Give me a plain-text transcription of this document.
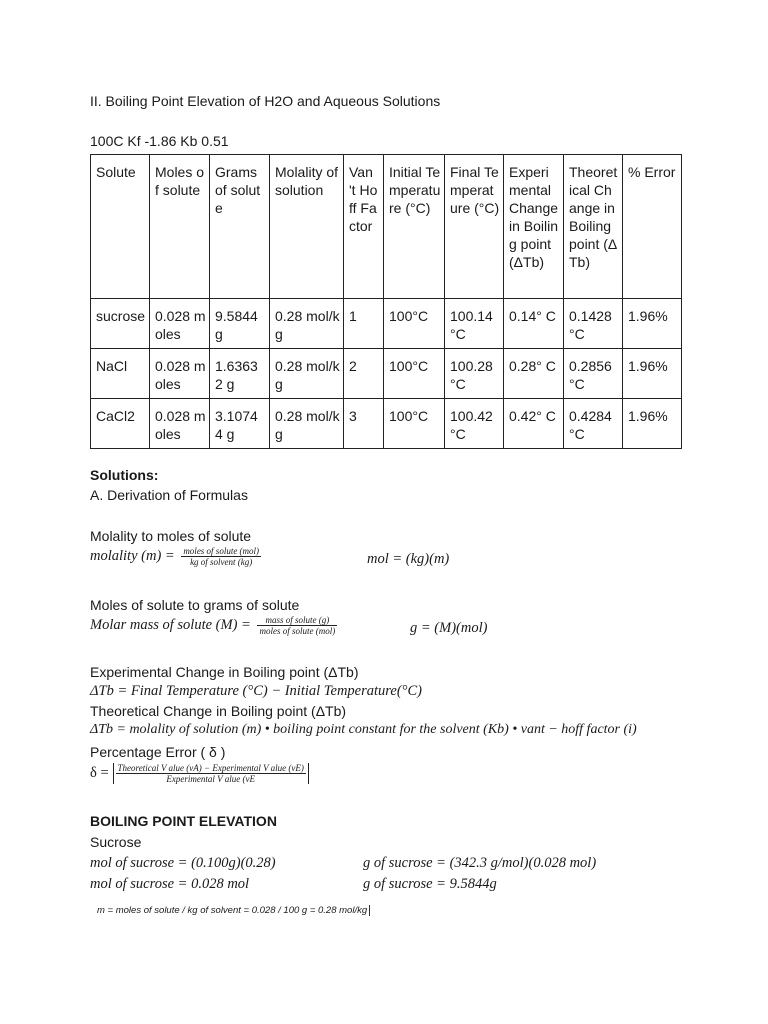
II. Boiling Point Elevation of H2O and Aqueous Solutions
100C Kf -1.86 Kb 0.51
Solute	Moles of solute	Grams of solute	Molality of solution	Van 't Hoff Factor	Initial Temperature (°C)	Final Temperature (°C)	Experimental Change in Boiling point (ΔTb)	Theoretical Change in Boiling point (ΔTb)	% Error
sucrose	0.028 moles	9.5844 g	0.28 mol/kg	1	100°C	100.14 °C	0.14° C	0.1428 °C	1.96%
NaCl	0.028 moles	1.6363 2 g	0.28 mol/kg	2	100°C	100.28 °C	0.28° C	0.2856 °C	1.96%
CaCl2	0.028 moles	3.1074 4 g	0.28 mol/kg	3	100°C	100.42 °C	0.42° C	0.4284 °C	1.96%
Solutions:
A. Derivation of Formulas
Molality to moles of solute
molality $(m) = \frac{\text{moles of solute (mol)}}{\text{kg of solvent (kg)}}$	mol = (kg)(m)
Moles of solute to grams of solute
Molar mass of solute $(M) = \frac{\text{mass of solute (g)}}{\text{moles of solute (mol)}}$	g = (M)(mol)
Experimental Change in Boiling point (ΔTb)
ΔTb = Final Temperature (°C) − Initial Temperature(°C)
Theoretical Change in Boiling point (ΔTb)
ΔTb = molality of solution (m) • boiling point constant for the solvent (Kb) • vant − hoff factor (i)
Percentage Error ( δ )
$\delta = \frac{\text{Theoretical V alue (vA) − Experimental V alue (vE)}}{\text{Experimental V alue (vE}}$
BOILING POINT ELEVATION
Sucrose
mol of sucrose = (0.100g)(0.28)
mol of sucrose = 0.028 mol
g of sucrose = (342.3 g/mol)(0.028 mol)
g of sucrose = 9.5844g
m = moles of solute / kg of solvent = 0.028 / 100 g = 0.28 mol/kg
